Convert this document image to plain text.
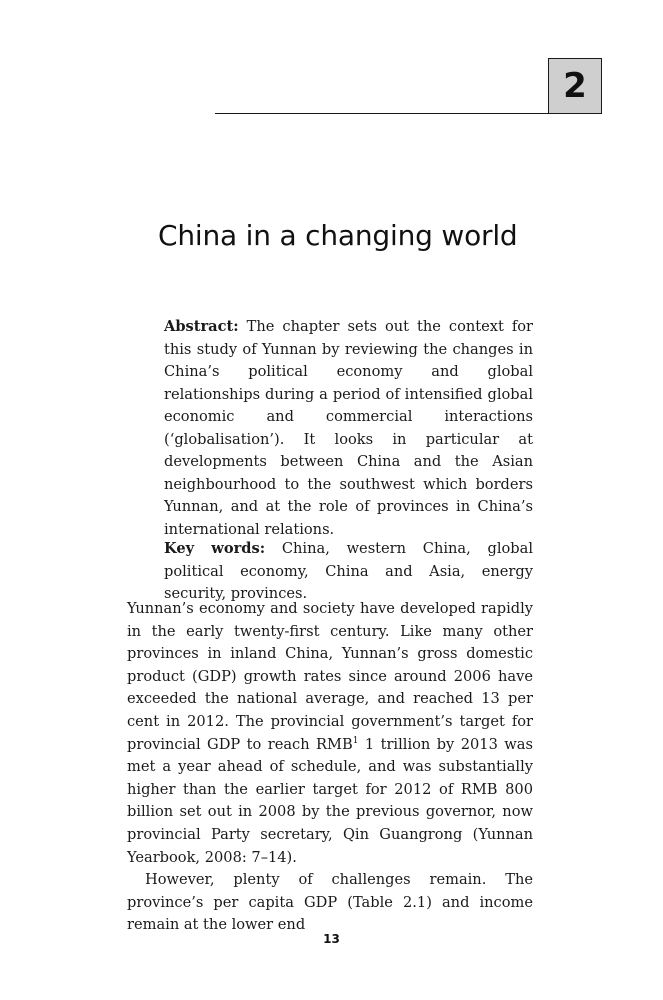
2
China in a changing world

Abstract: The chapter sets out the context for this study of Yunnan by reviewing the changes in China’s political economy and global relationships during a period of intensified global economic and commercial interactions (‘globalisation’). It looks in particular at developments between China and the Asian neighbourhood to the southwest which borders Yunnan, and at the role of provinces in China’s international relations.

Key words: China, western China, global political economy, China and Asia, energy security, provinces.

Yunnan’s economy and society have developed rapidly in the early twenty-first century. Like many other provinces in inland China, Yunnan’s gross domestic product (GDP) growth rates since around 2006 have exceeded the national average, and reached 13 per cent in 2012. The provincial government’s target for provincial GDP to reach RMB$^1$ 1 trillion by 2013 was met a year ahead of schedule, and was substantially higher than the earlier target for 2012 of RMB 800 billion set out in 2008 by the previous governor, now provincial Party secretary, Qin Guangrong (Yunnan Yearbook, 2008: 7–14).

However, plenty of challenges remain. The province’s per capita GDP (Table 2.1) and income remain at the lower end

13
